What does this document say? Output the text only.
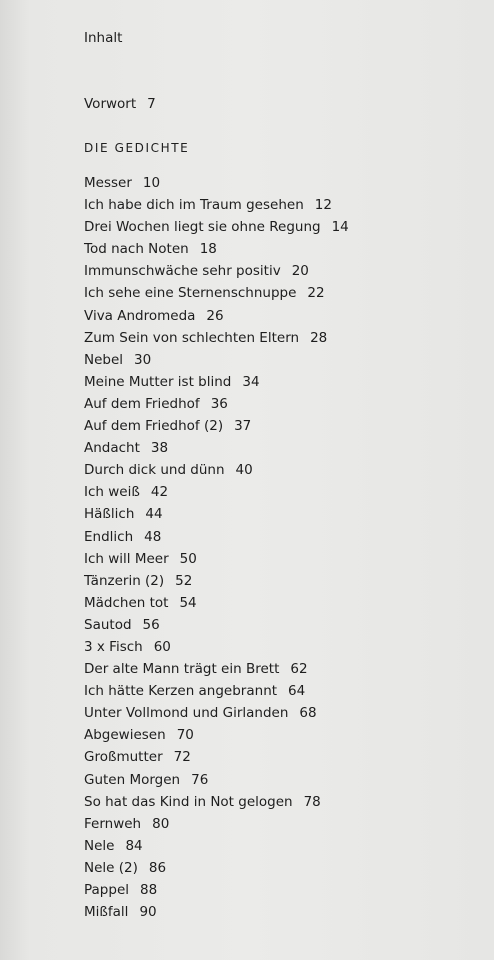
Inhalt
Vorwort 7
DIE GEDICHTE
Messer 10
Ich habe dich im Traum gesehen 12
Drei Wochen liegt sie ohne Regung 14
Tod nach Noten 18
Immunschwäche sehr positiv 20
Ich sehe eine Sternenschnuppe 22
Viva Andromeda 26
Zum Sein von schlechten Eltern 28
Nebel 30
Meine Mutter ist blind 34
Auf dem Friedhof 36
Auf dem Friedhof (2) 37
Andacht 38
Durch dick und dünn 40
Ich weiß 42
Häßlich 44
Endlich 48
Ich will Meer 50
Tänzerin (2) 52
Mädchen tot 54
Sautod 56
3 x Fisch 60
Der alte Mann trägt ein Brett 62
Ich hätte Kerzen angebrannt 64
Unter Vollmond und Girlanden 68
Abgewiesen 70
Großmutter 72
Guten Morgen 76
So hat das Kind in Not gelogen 78
Fernweh 80
Nele 84
Nele (2) 86
Pappel 88
Mißfall 90
